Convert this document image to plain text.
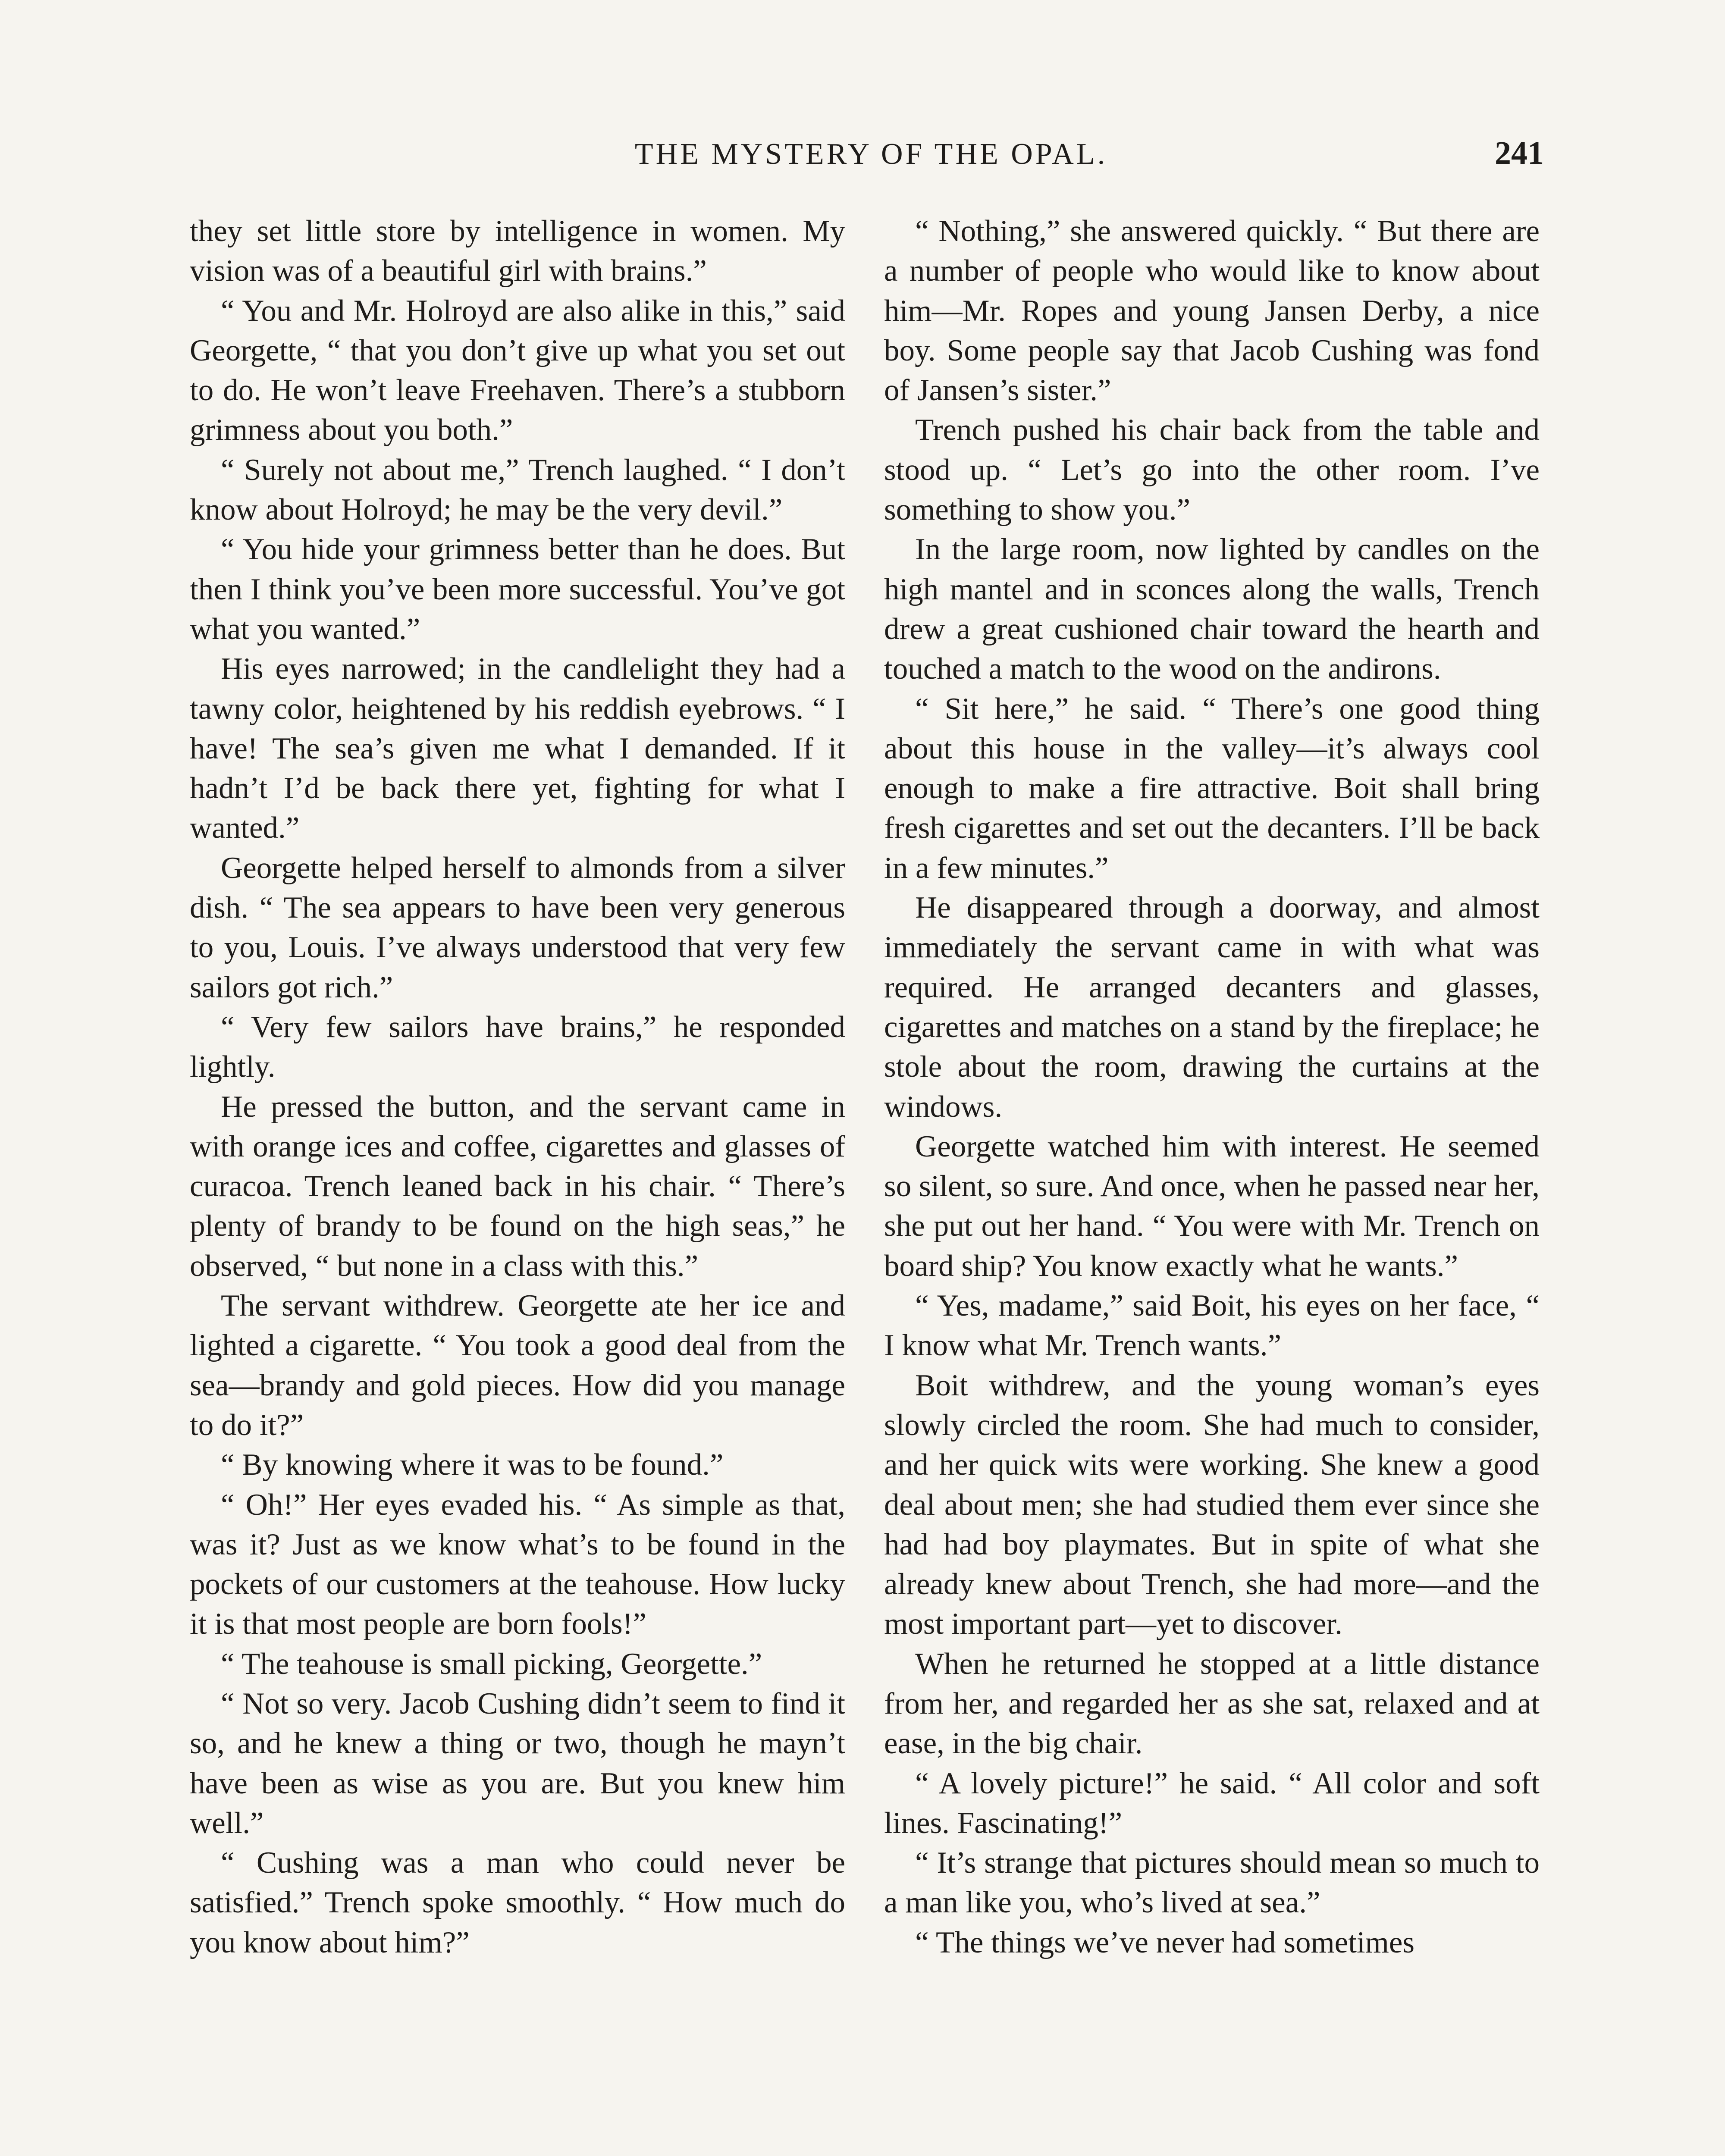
THE MYSTERY OF THE OPAL.	241

they set little store by intelligence in women. My vision was of a beautiful girl with brains.”

“ You and Mr. Holroyd are also alike in this,” said Georgette, “ that you don’t give up what you set out to do. He won’t leave Freehaven. There’s a stubborn grimness about you both.”

“ Surely not about me,” Trench laughed. “ I don’t know about Holroyd; he may be the very devil.”

“ You hide your grimness better than he does. But then I think you’ve been more successful. You’ve got what you wanted.”

His eyes narrowed; in the candlelight they had a tawny color, heightened by his reddish eyebrows. “ I have! The sea’s given me what I demanded. If it hadn’t I’d be back there yet, fighting for what I wanted.”

Georgette helped herself to almonds from a silver dish. “ The sea appears to have been very generous to you, Louis. I’ve always understood that very few sailors got rich.”

“ Very few sailors have brains,” he responded lightly.

He pressed the button, and the servant came in with orange ices and coffee, cigarettes and glasses of curacoa. Trench leaned back in his chair. “ There’s plenty of brandy to be found on the high seas,” he observed, “ but none in a class with this.”

The servant withdrew. Georgette ate her ice and lighted a cigarette. “ You took a good deal from the sea—brandy and gold pieces. How did you manage to do it?”

“ By knowing where it was to be found.”

“ Oh!” Her eyes evaded his. “ As simple as that, was it? Just as we know what’s to be found in the pockets of our customers at the teahouse. How lucky it is that most people are born fools!”

“ The teahouse is small picking, Georgette.”

“ Not so very. Jacob Cushing didn’t seem to find it so, and he knew a thing or two, though he mayn’t have been as wise as you are. But you knew him well.”

“ Cushing was a man who could never be satisfied.” Trench spoke smoothly. “ How much do you know about him?”

“ Nothing,” she answered quickly. “ But there are a number of people who would like to know about him—Mr. Ropes and young Jansen Derby, a nice boy. Some people say that Jacob Cushing was fond of Jansen’s sister.”

Trench pushed his chair back from the table and stood up. “ Let’s go into the other room. I’ve something to show you.”

In the large room, now lighted by candles on the high mantel and in sconces along the walls, Trench drew a great cushioned chair toward the hearth and touched a match to the wood on the andirons.

“ Sit here,” he said. “ There’s one good thing about this house in the valley—it’s always cool enough to make a fire attractive. Boit shall bring fresh cigarettes and set out the decanters. I’ll be back in a few minutes.”

He disappeared through a doorway, and almost immediately the servant came in with what was required. He arranged decanters and glasses, cigarettes and matches on a stand by the fireplace; he stole about the room, drawing the curtains at the windows.

Georgette watched him with interest. He seemed so silent, so sure. And once, when he passed near her, she put out her hand. “ You were with Mr. Trench on board ship? You know exactly what he wants.”

“ Yes, madame,” said Boit, his eyes on her face, “ I know what Mr. Trench wants.”

Boit withdrew, and the young woman’s eyes slowly circled the room. She had much to consider, and her quick wits were working. She knew a good deal about men; she had studied them ever since she had had boy playmates. But in spite of what she already knew about Trench, she had more—and the most important part—yet to discover.

When he returned he stopped at a little distance from her, and regarded her as she sat, relaxed and at ease, in the big chair.

“ A lovely picture!” he said. “ All color and soft lines. Fascinating!”

“ It’s strange that pictures should mean so much to a man like you, who’s lived at sea.”

“ The things we’ve never had sometimes
